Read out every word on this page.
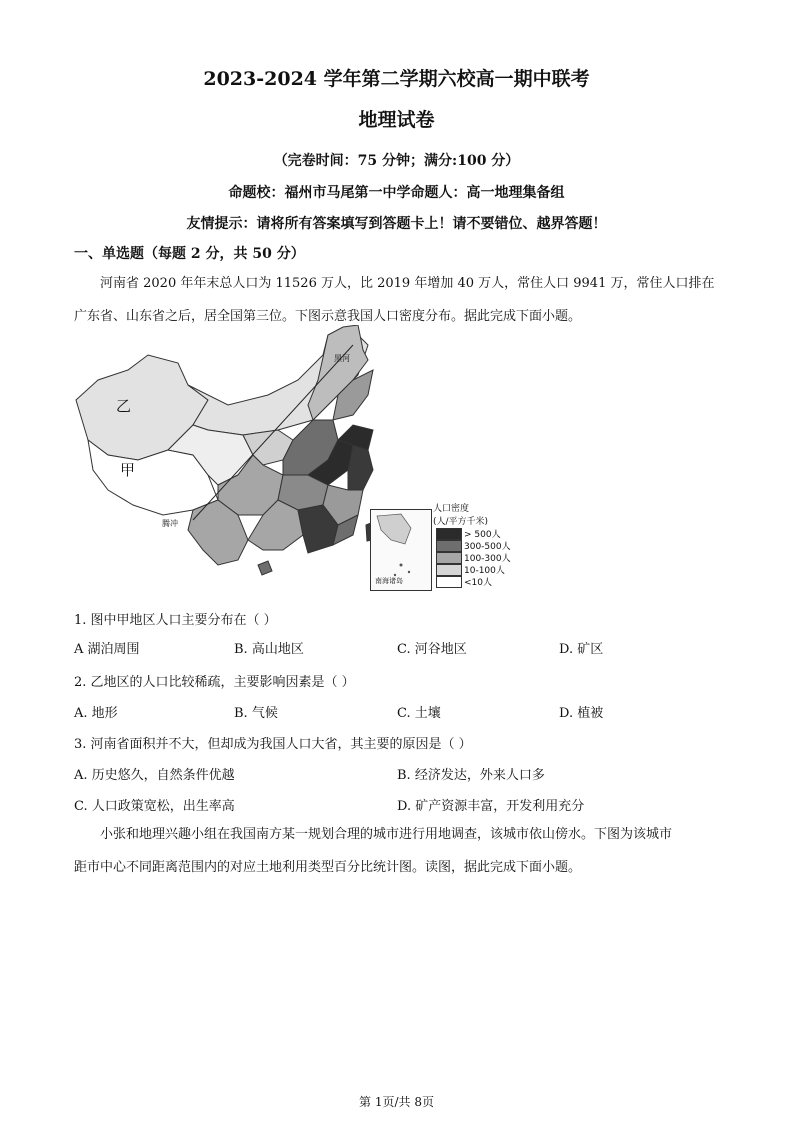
2023-2024 学年第二学期六校高一期中联考
地理试卷
（完卷时间：75 分钟；满分:100 分）
命题校：福州市马尾第一中学命题人：高一地理集备组
友情提示：请将所有答案填写到答题卡上！请不要错位、越界答题！
一、单选题（每题 2 分，共 50 分）
河南省 2020 年年末总人口为 11526 万人，比 2019 年增加 40 万人，常住人口 9941 万，常住人口排在
广东省、山东省之后，居全国第三位。下图示意我国人口密度分布。据此完成下面小题。
乙
甲
腾冲
黑河
南海诸岛
人口密度
(人/平方千米)
> 500人
300-500人
100-300人
10-100人
<10人
1. 图中甲地区人口主要分布在（ ）
A 湖泊周围	B. 高山地区	C. 河谷地区	D. 矿区
2. 乙地区的人口比较稀疏，主要影响因素是（ ）
A. 地形	B. 气候	C. 土壤	D. 植被
3. 河南省面积并不大，但却成为我国人口大省，其主要的原因是（ ）
A. 历史悠久，自然条件优越	B. 经济发达，外来人口多
C. 人口政策宽松，出生率高	D. 矿产资源丰富，开发利用充分
小张和地理兴趣小组在我国南方某一规划合理的城市进行用地调查，该城市依山傍水。下图为该城市
距市中心不同距离范围内的对应土地利用类型百分比统计图。读图，据此完成下面小题。
第 1页/共 8页
